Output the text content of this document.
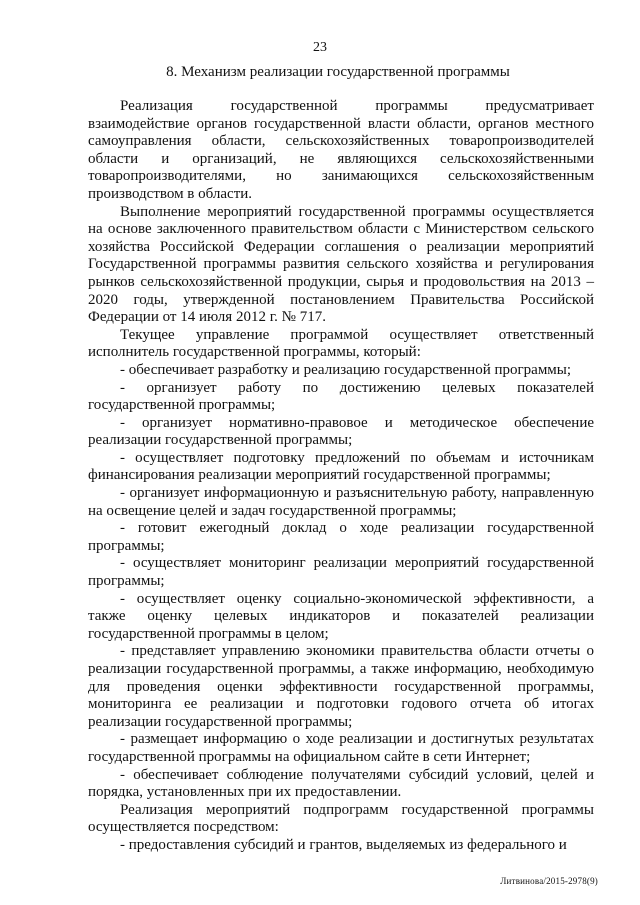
23
8. Механизм реализации государственной программы

Реализация государственной программы предусматривает взаимодействие органов государственной власти области, органов местного самоуправления области, сельскохозяйственных товаропроизводителей области и организаций, не являющихся сельскохозяйственными товаропроизводителями, но занимающихся сельскохозяйственным производством в области.

Выполнение мероприятий государственной программы осуществляется на основе заключенного правительством области с Министерством сельского хозяйства Российской Федерации соглашения о реализации мероприятий Государственной программы развития сельского хозяйства и регулирования рынков сельскохозяйственной продукции, сырья и продовольствия на 2013 – 2020 годы, утвержденной постановлением Правительства Российской Федерации от 14 июля 2012 г. № 717.

Текущее управление программой осуществляет ответственный исполнитель государственной программы, который:

- обеспечивает разработку и реализацию государственной программы;

- организует работу по достижению целевых показателей государственной программы;

- организует нормативно-правовое и методическое обеспечение реализации государственной программы;

- осуществляет подготовку предложений по объемам и источникам финансирования реализации мероприятий государственной программы;

- организует информационную и разъяснительную работу, направленную на освещение целей и задач государственной программы;

- готовит ежегодный доклад о ходе реализации государственной программы;

- осуществляет мониторинг реализации мероприятий государственной программы;

- осуществляет оценку социально-экономической эффективности, а также оценку целевых индикаторов и показателей реализации государственной программы в целом;

- представляет управлению экономики правительства области отчеты о реализации государственной программы, а также информацию, необходимую для проведения оценки эффективности государственной программы, мониторинга ее реализации и подготовки годового отчета об итогах реализации государственной программы;

- размещает информацию о ходе реализации и достигнутых результатах государственной программы на официальном сайте в сети Интернет;

- обеспечивает соблюдение получателями субсидий условий, целей и порядка, установленных при их предоставлении.

Реализация мероприятий подпрограмм государственной программы осуществляется посредством:

- предоставления субсидий и грантов, выделяемых из федерального и

Литвинова/2015-2978(9)
